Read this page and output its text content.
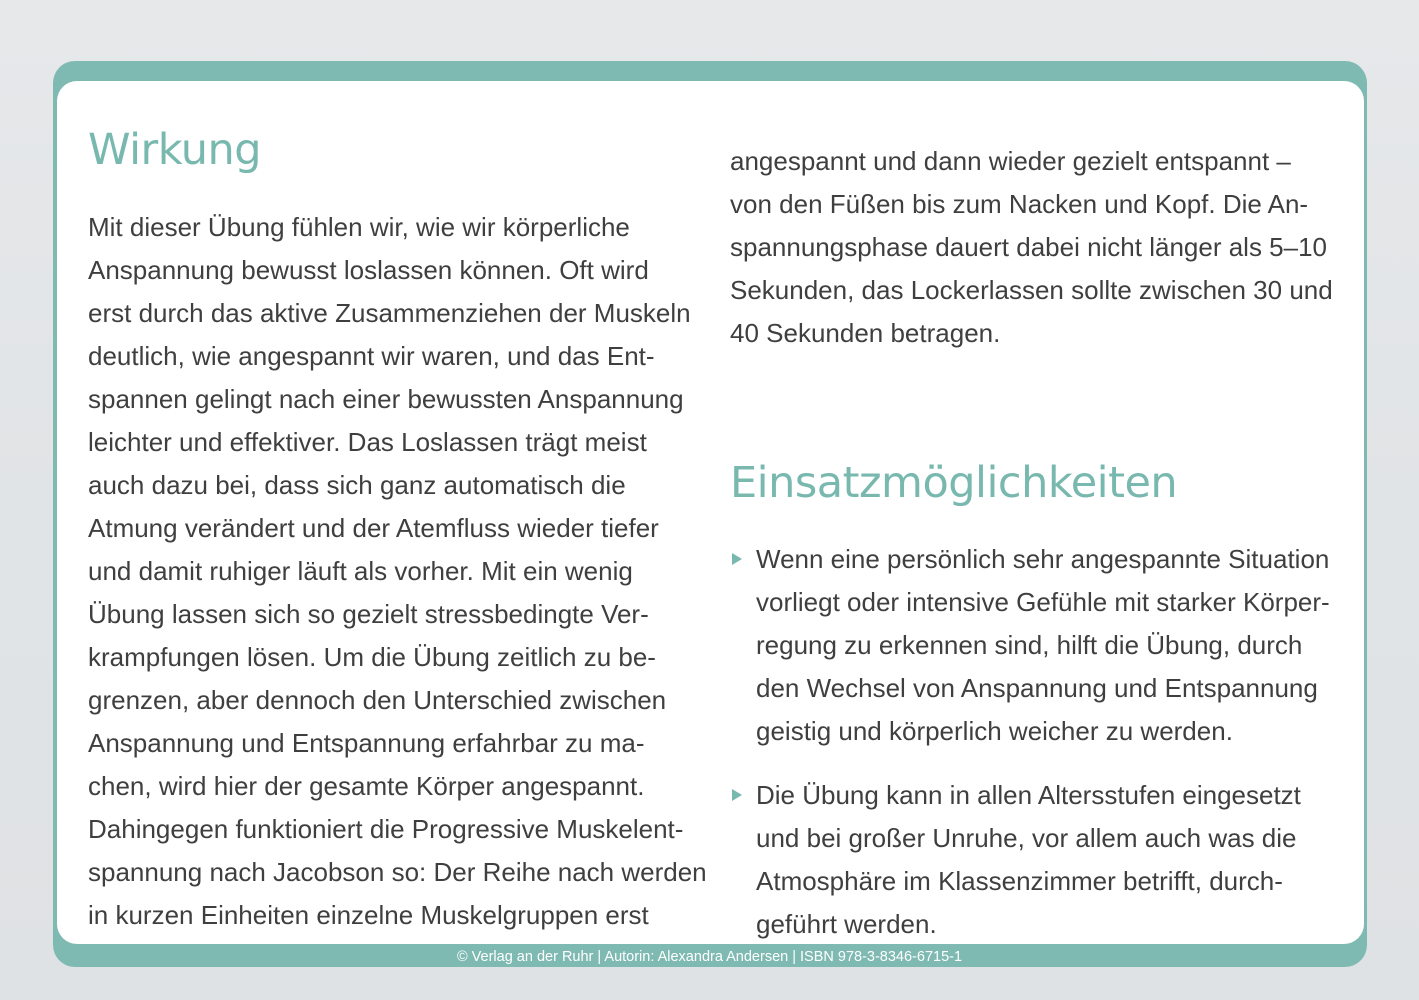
Wirkung
Mit dieser Übung fühlen wir, wie wir körperliche
Anspannung bewusst loslassen können. Oft wird
erst durch das aktive Zusammenziehen der Muskeln
deutlich, wie angespannt wir waren, und das Ent-
spannen gelingt nach einer bewussten Anspannung
leichter und effektiver. Das Loslassen trägt meist
auch dazu bei, dass sich ganz automatisch die
Atmung verändert und der Atemfluss wieder tiefer
und damit ruhiger läuft als vorher. Mit ein wenig
Übung lassen sich so gezielt stressbedingte Ver-
krampfungen lösen. Um die Übung zeitlich zu be-
grenzen, aber dennoch den Unterschied zwischen
Anspannung und Entspannung erfahrbar zu ma-
chen, wird hier der gesamte Körper angespannt.
Dahingegen funktioniert die Progressive Muskelent-
spannung nach Jacobson so: Der Reihe nach werden
in kurzen Einheiten einzelne Muskelgruppen erst
angespannt und dann wieder gezielt entspannt –
von den Füßen bis zum Nacken und Kopf. Die An-
spannungsphase dauert dabei nicht länger als 5–10
Sekunden, das Lockerlassen sollte zwischen 30 und
40 Sekunden betragen.
Einsatzmöglichkeiten
Wenn eine persönlich sehr angespannte Situation
vorliegt oder intensive Gefühle mit starker Körper-
regung zu erkennen sind, hilft die Übung, durch
den Wechsel von Anspannung und Entspannung
geistig und körperlich weicher zu werden.
Die Übung kann in allen Altersstufen eingesetzt
und bei großer Unruhe, vor allem auch was die
Atmosphäre im Klassenzimmer betrifft, durch-
geführt werden.
© Verlag an der Ruhr | Autorin: Alexandra Andersen | ISBN 978-3-8346-6715-1
